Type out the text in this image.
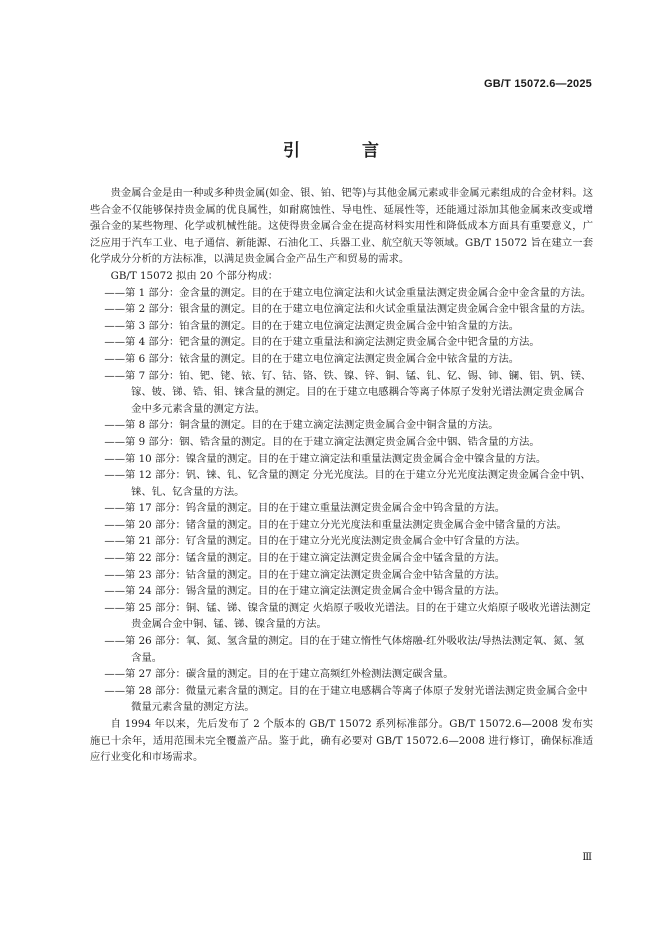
GB/T 15072.6—2025
引 言

贵金属合金是由一种或多种贵金属(如金、银、铂、钯等)与其他金属元素或非金属元素组成的合金材料。这些合金不仅能够保持贵金属的优良属性，如耐腐蚀性、导电性、延展性等，还能通过添加其他金属来改变或增强合金的某些物理、化学或机械性能。这使得贵金属合金在提高材料实用性和降低成本方面具有重要意义，广泛应用于汽车工业、电子通信、新能源、石油化工、兵器工业、航空航天等领域。GB/T 15072 旨在建立一套化学成分分析的方法标准，以满足贵金属合金产品生产和贸易的需求。

GB/T 15072 拟由 20 个部分构成：

——第 1 部分：金含量的测定。目的在于建立电位滴定法和火试金重量法测定贵金属合金中金含量的方法。
——第 2 部分：银含量的测定。目的在于建立电位滴定法和火试金重量法测定贵金属合金中银含量的方法。
——第 3 部分：铂含量的测定。目的在于建立电位滴定法测定贵金属合金中铂含量的方法。
——第 4 部分：钯含量的测定。目的在于建立重量法和滴定法测定贵金属合金中钯含量的方法。
——第 6 部分：铱含量的测定。目的在于建立电位滴定法测定贵金属合金中铱含量的方法。
——第 7 部分：铂、钯、铑、铱、钌、钴、铬、铁、镍、锌、铜、锰、钆、钇、锡、铈、镧、铝、钒、镁、镓、铍、锑、锆、钼、铼含量的测定。目的在于建立电感耦合等离子体原子发射光谱法测定贵金属合金中多元素含量的测定方法。
——第 8 部分：铜含量的测定。目的在于建立滴定法测定贵金属合金中铜含量的方法。
——第 9 部分：铟、锆含量的测定。目的在于建立滴定法测定贵金属合金中铟、锆含量的方法。
——第 10 部分：镍含量的测定。目的在于建立滴定法和重量法测定贵金属合金中镍含量的方法。
——第 12 部分：钒、铼、钆、钇含量的测定 分光光度法。目的在于建立分光光度法测定贵金属合金中钒、铼、钆、钇含量的方法。
——第 17 部分：钨含量的测定。目的在于建立重量法测定贵金属合金中钨含量的方法。
——第 20 部分：锗含量的测定。目的在于建立分光光度法和重量法测定贵金属合金中锗含量的方法。
——第 21 部分：钌含量的测定。目的在于建立分光光度法测定贵金属合金中钌含量的方法。
——第 22 部分：锰含量的测定。目的在于建立滴定法测定贵金属合金中锰含量的方法。
——第 23 部分：钴含量的测定。目的在于建立滴定法测定贵金属合金中钴含量的方法。
——第 24 部分：锡含量的测定。目的在于建立滴定法测定贵金属合金中锡含量的方法。
——第 25 部分：铜、锰、锑、镍含量的测定 火焰原子吸收光谱法。目的在于建立火焰原子吸收光谱法测定贵金属合金中铜、锰、锑、镍含量的方法。
——第 26 部分：氧、氮、氢含量的测定。目的在于建立惰性气体熔融-红外吸收法/导热法测定氧、氮、氢含量。
——第 27 部分：碳含量的测定。目的在于建立高频红外检测法测定碳含量。
——第 28 部分：微量元素含量的测定。目的在于建立电感耦合等离子体原子发射光谱法测定贵金属合金中微量元素含量的测定方法。

自 1994 年以来，先后发布了 2 个版本的 GB/T 15072 系列标准部分。GB/T 15072.6—2008 发布实施已十余年，适用范围未完全覆盖产品。鉴于此，确有必要对 GB/T 15072.6—2008 进行修订，确保标准适应行业变化和市场需求。

Ⅲ
